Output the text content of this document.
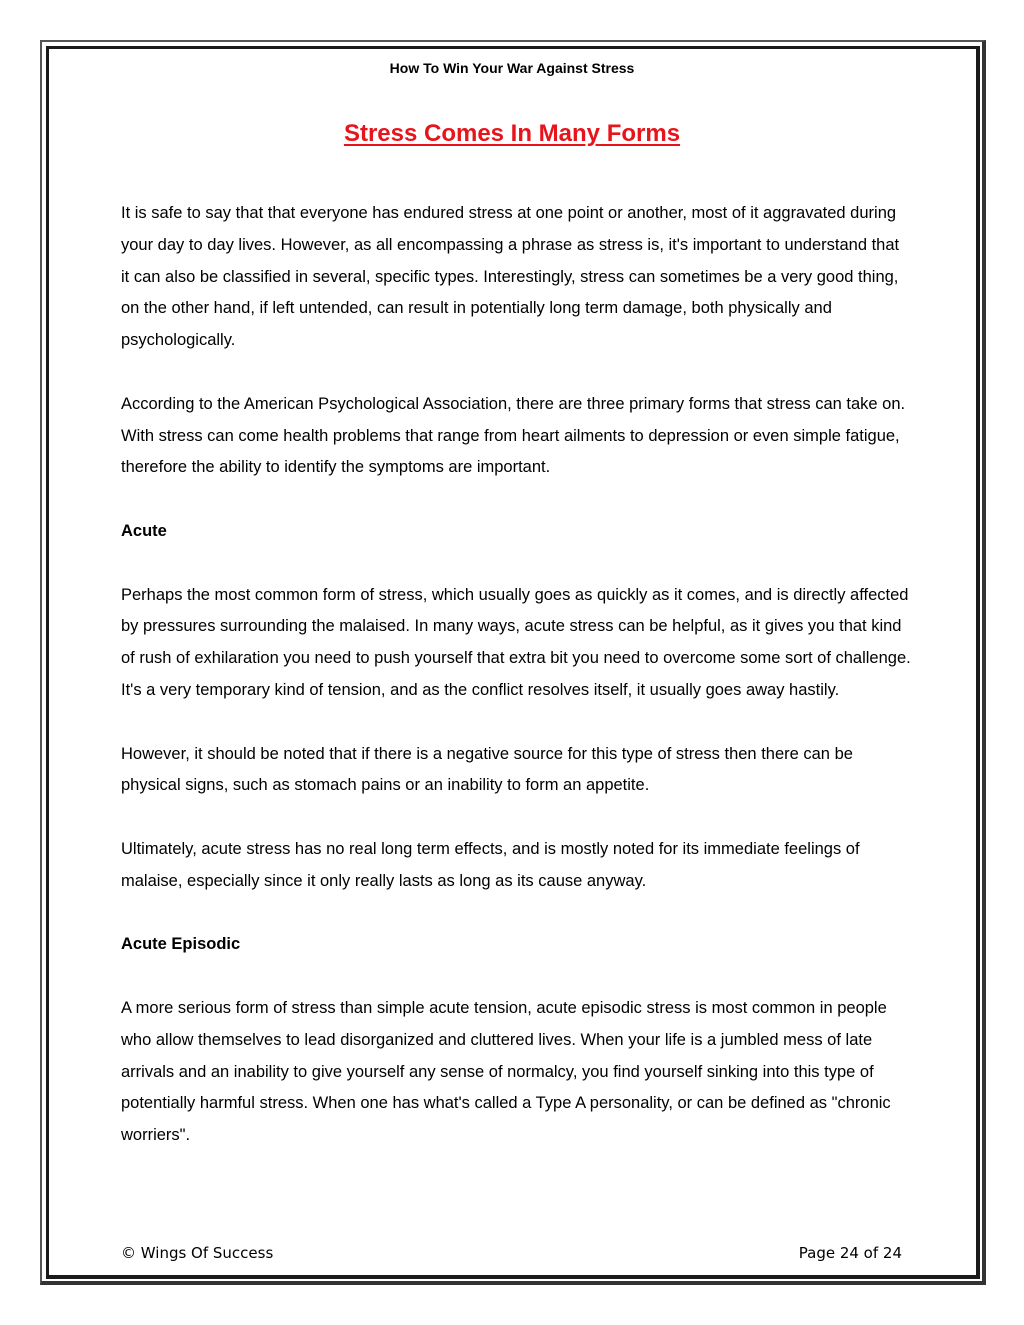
How To Win Your War Against Stress
Stress Comes In Many Forms

It is safe to say that that everyone has endured stress at one point or another, most of it aggravated during your day to day lives. However, as all encompassing a phrase as stress is, it's important to understand that it can also be classified in several, specific types. Interestingly, stress can sometimes be a very good thing, on the other hand, if left untended, can result in potentially long term damage, both physically and psychologically.

According to the American Psychological Association, there are three primary forms that stress can take on. With stress can come health problems that range from heart ailments to depression or even simple fatigue, therefore the ability to identify the symptoms are important.

Acute

Perhaps the most common form of stress, which usually goes as quickly as it comes, and is directly affected by pressures surrounding the malaised. In many ways, acute stress can be helpful, as it gives you that kind of rush of exhilaration you need to push yourself that extra bit you need to overcome some sort of challenge. It's a very temporary kind of tension, and as the conflict resolves itself, it usually goes away hastily.

However, it should be noted that if there is a negative source for this type of stress then there can be physical signs, such as stomach pains or an inability to form an appetite.

Ultimately, acute stress has no real long term effects, and is mostly noted for its immediate feelings of malaise, especially since it only really lasts as long as its cause anyway.

Acute Episodic

A more serious form of stress than simple acute tension, acute episodic stress is most common in people who allow themselves to lead disorganized and cluttered lives. When your life is a jumbled mess of late arrivals and an inability to give yourself any sense of normalcy, you find yourself sinking into this type of potentially harmful stress. When one has what's called a Type A personality, or can be defined as "chronic worriers".

© Wings Of Success	Page 24 of 24
